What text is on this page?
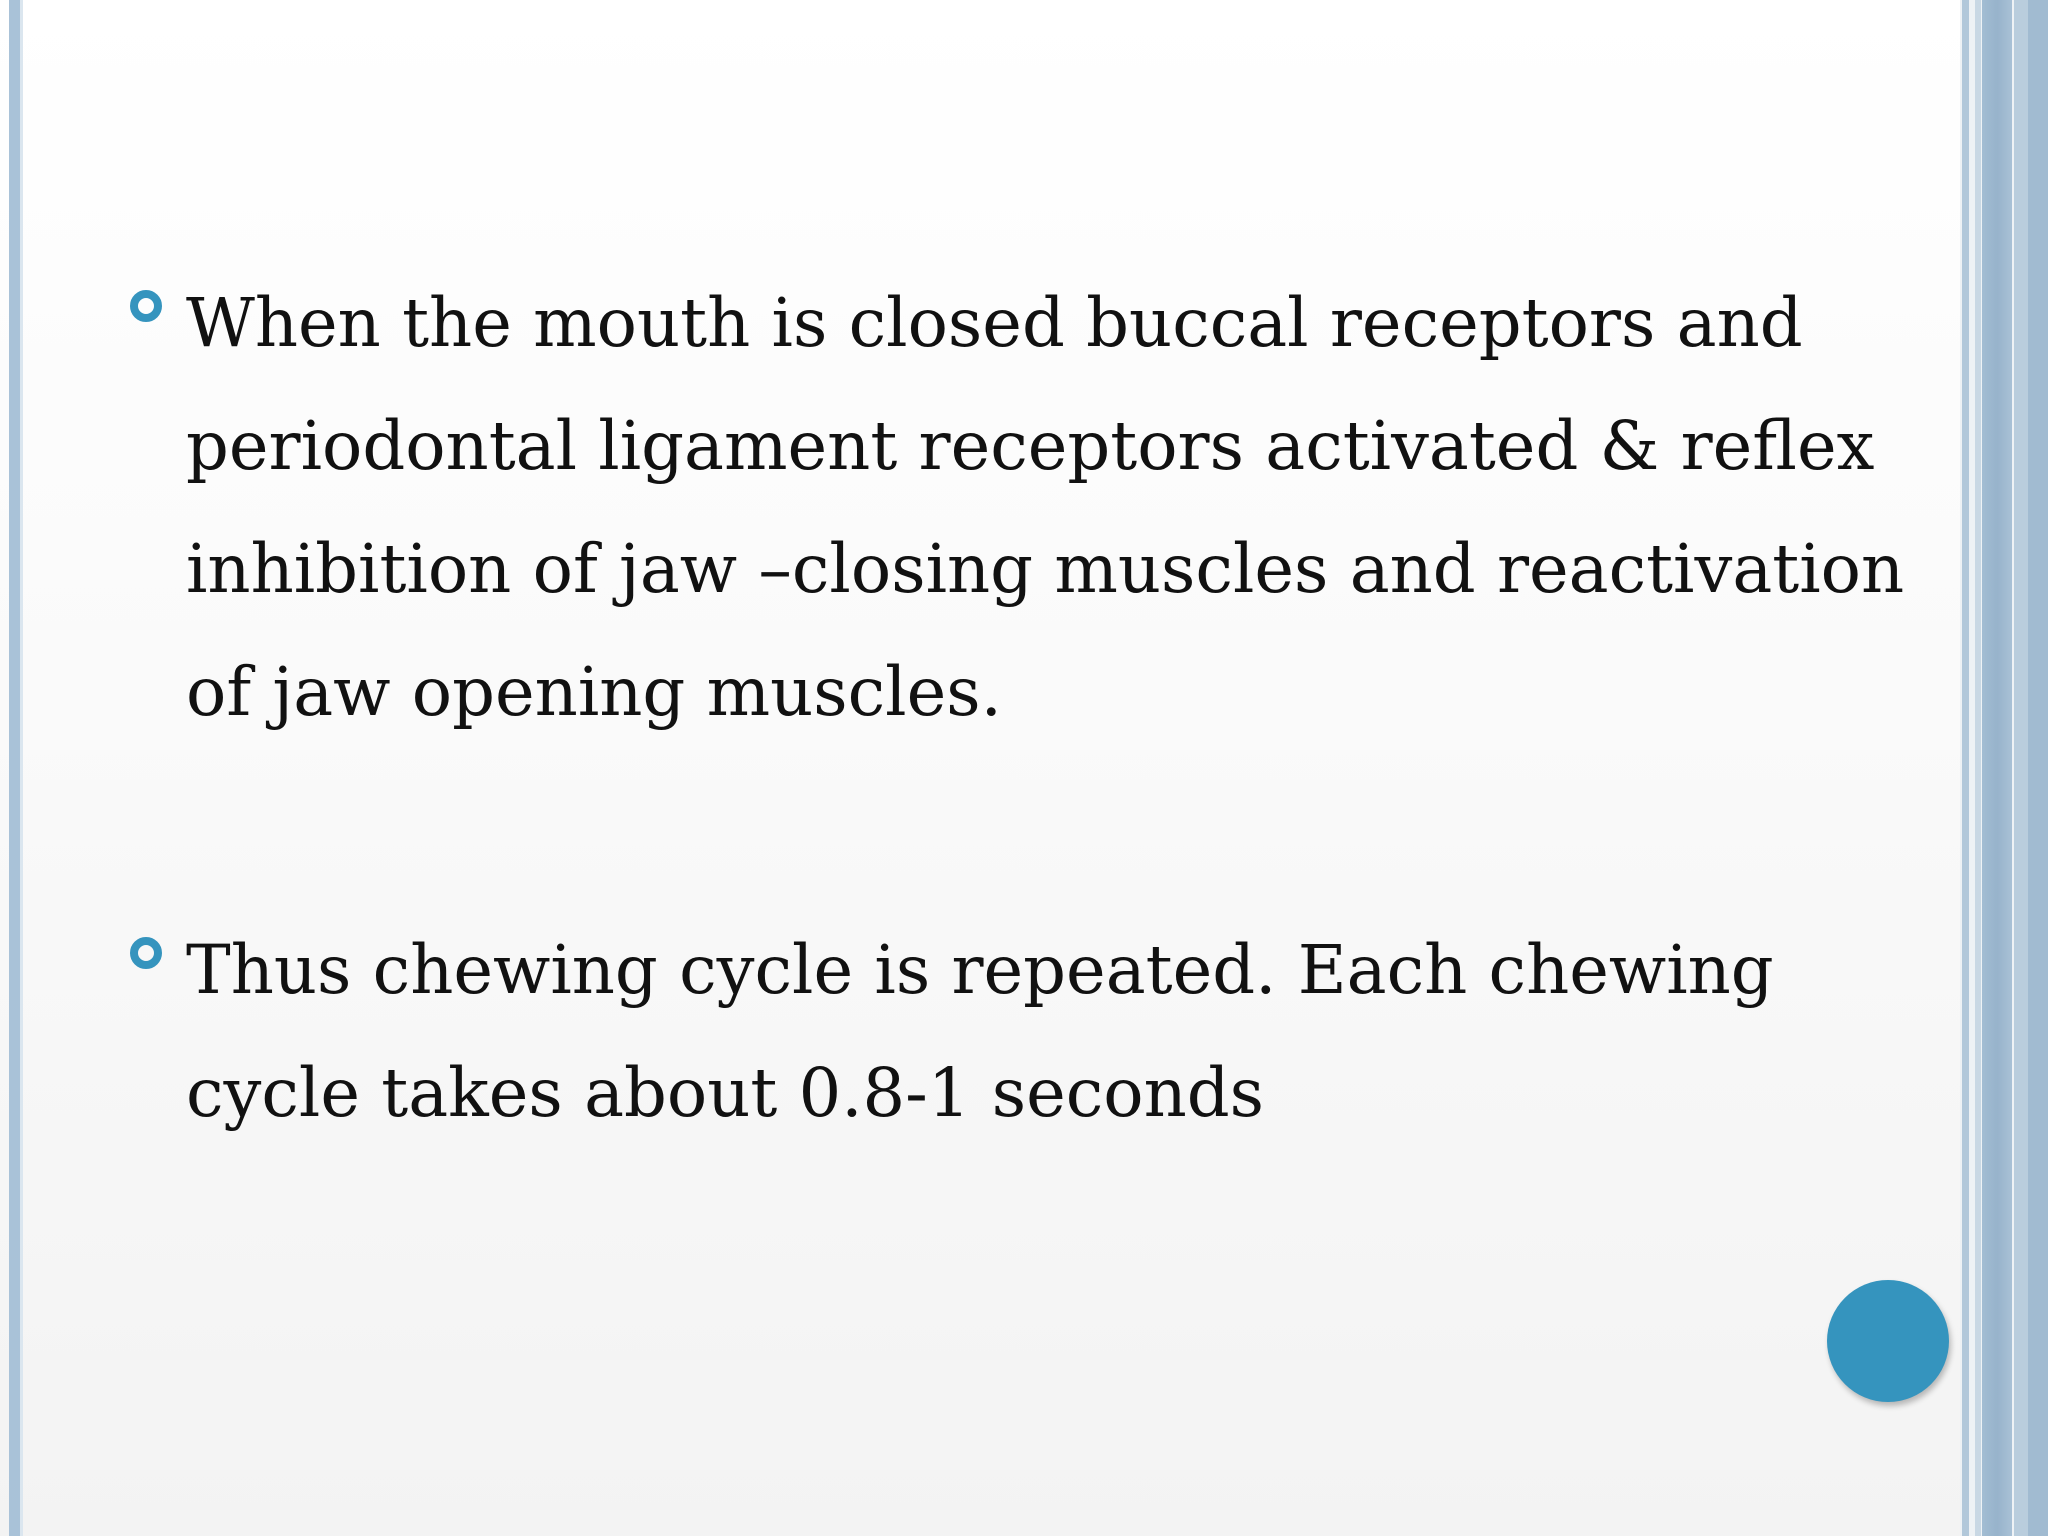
When the mouth is closed buccal receptors and periodontal ligament receptors activated & reflex inhibition of jaw –closing muscles and reactivation of jaw opening muscles.

Thus chewing cycle is repeated. Each chewing cycle takes about 0.8-1 seconds
